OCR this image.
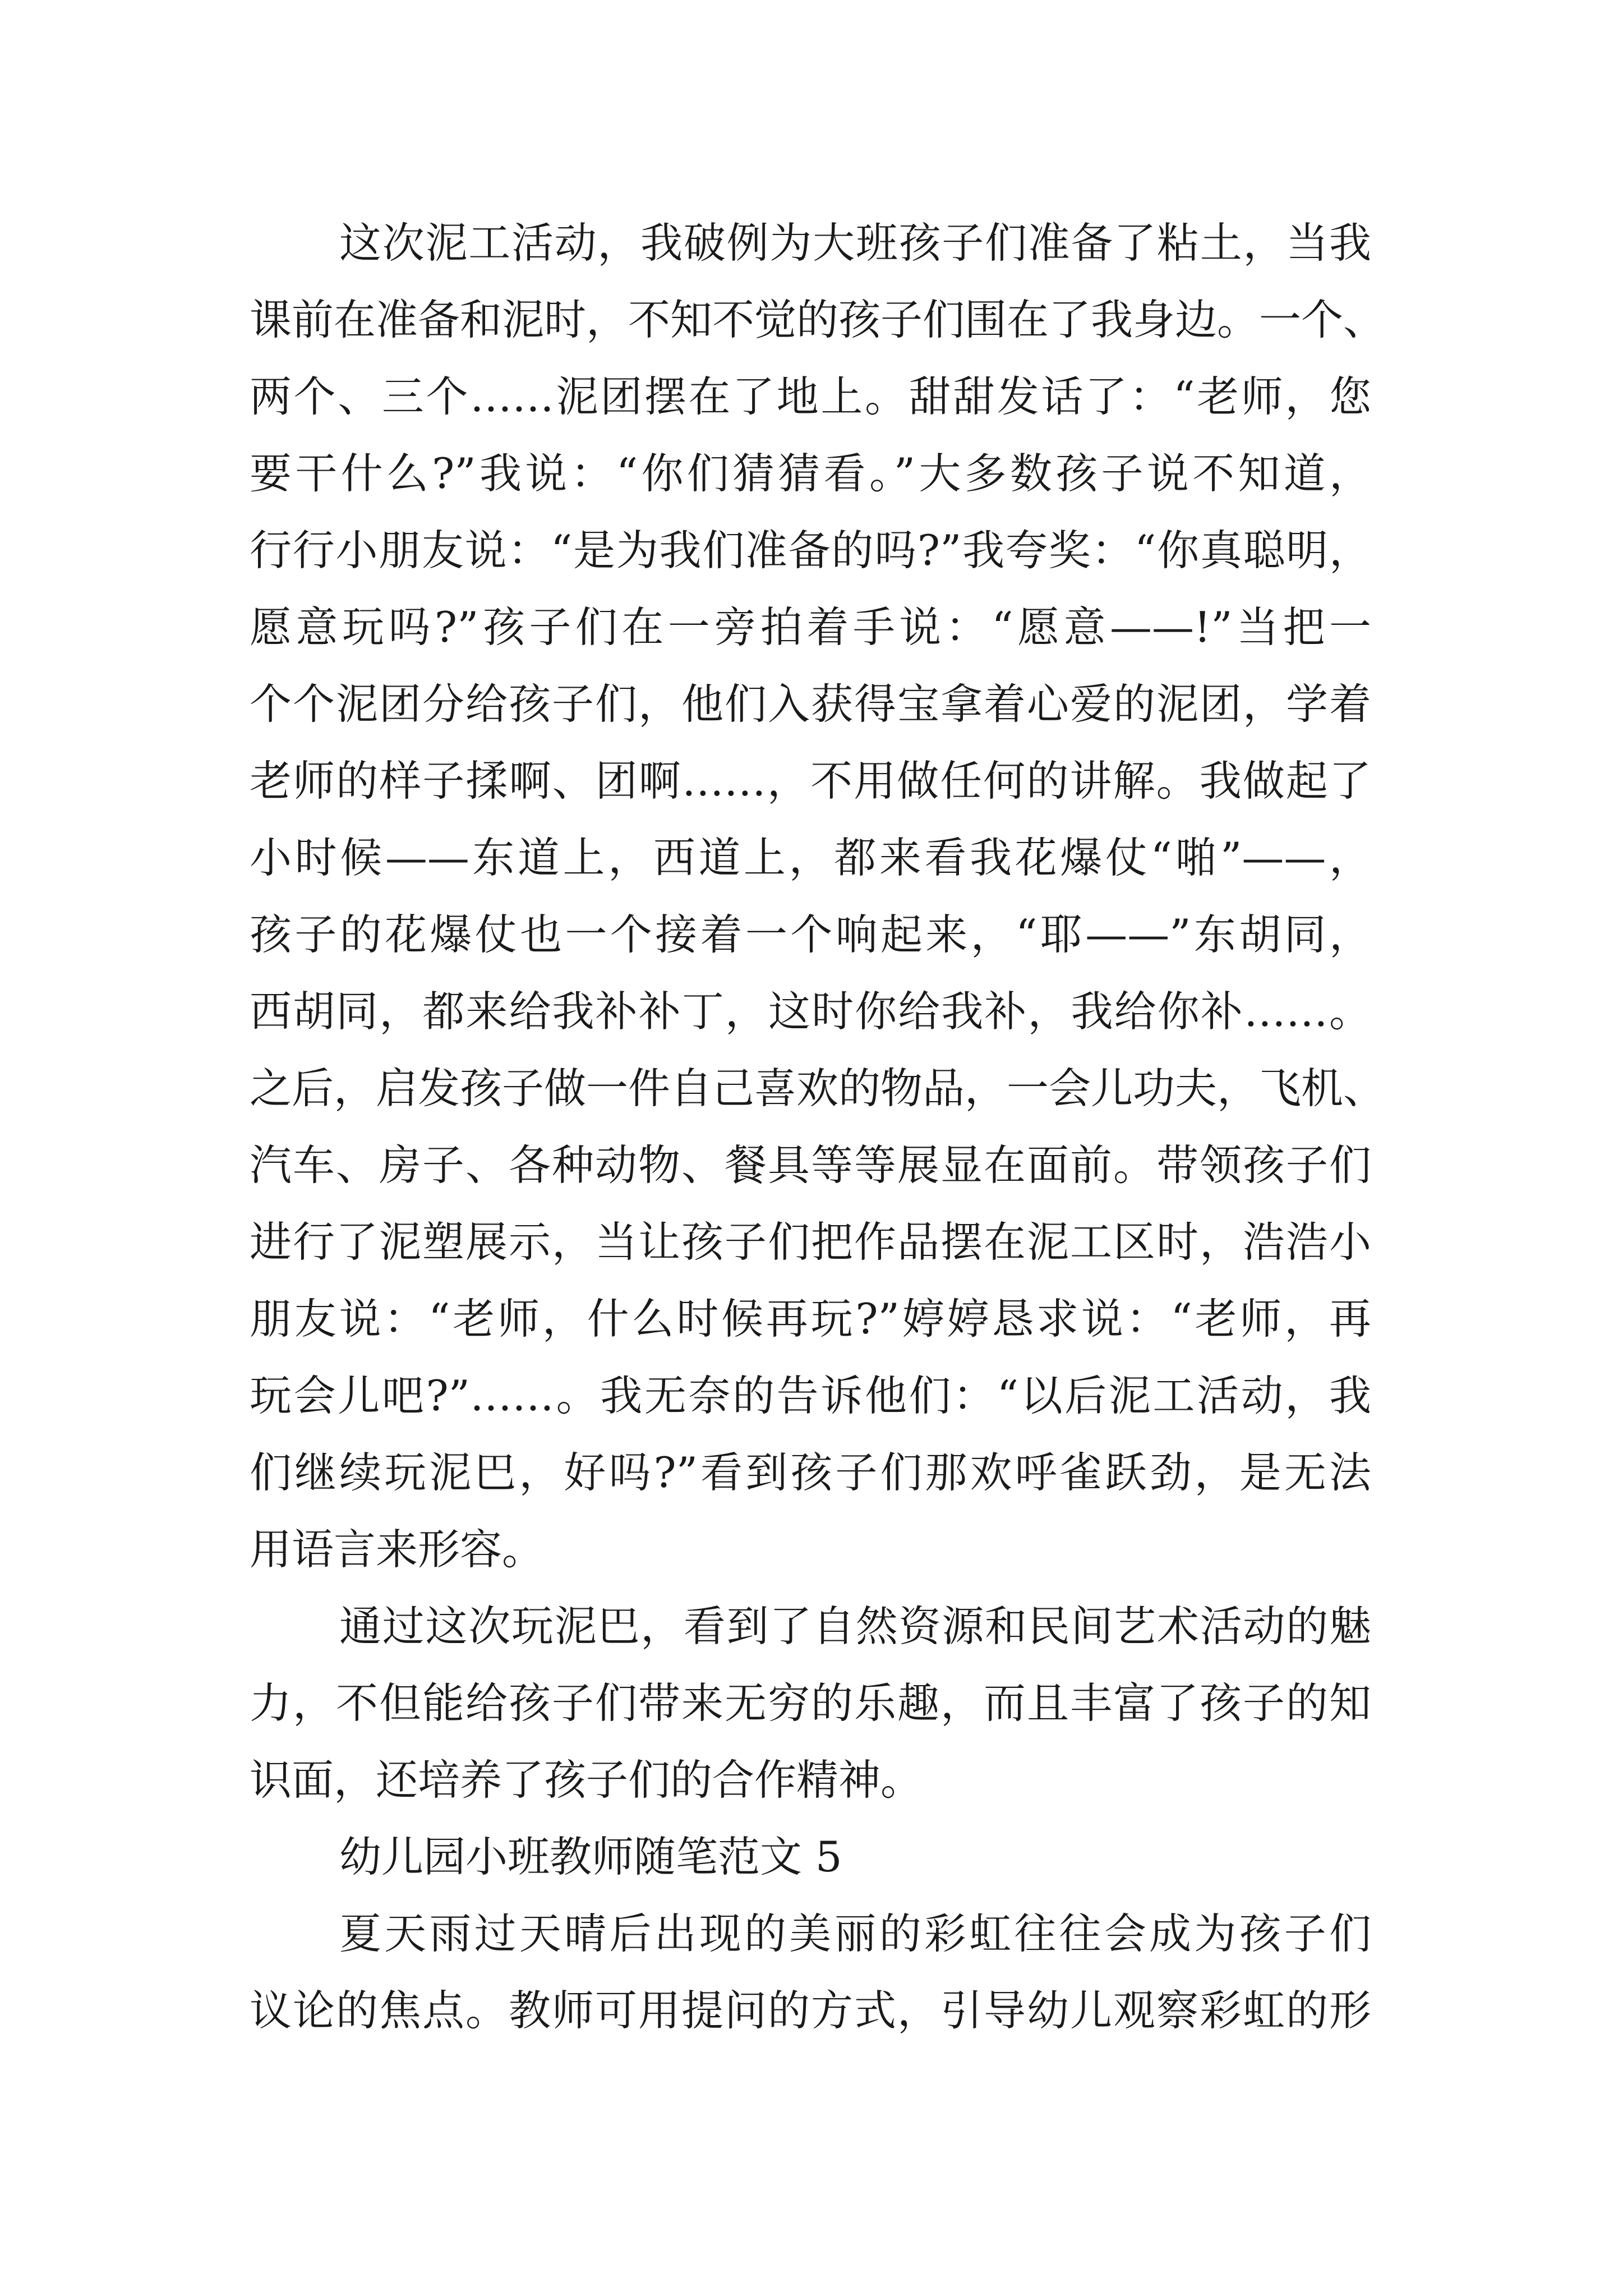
这次泥工活动，我破例为大班孩子们准备了粘土，当我
课前在准备和泥时，不知不觉的孩子们围在了我身边。一个、
两个、三个……泥团摆在了地上。甜甜发话了：“老师，您
要干什么?”我说：“你们猜猜看。”大多数孩子说不知道，
行行小朋友说：“是为我们准备的吗?”我夸奖：“你真聪明，
愿意玩吗?”孩子们在一旁拍着手说：“愿意——!”当把一
个个泥团分给孩子们，他们入获得宝拿着心爱的泥团，学着
老师的样子揉啊、团啊……，不用做任何的讲解。我做起了
小时候——东道上，西道上，都来看我花爆仗“啪”——，
孩子的花爆仗也一个接着一个响起来，“耶——”东胡同，
西胡同，都来给我补补丁，这时你给我补，我给你补……。
之后，启发孩子做一件自己喜欢的物品，一会儿功夫，飞机、
汽车、房子、各种动物、餐具等等展显在面前。带领孩子们
进行了泥塑展示，当让孩子们把作品摆在泥工区时，浩浩小
朋友说：“老师，什么时候再玩?”婷婷恳求说：“老师，再
玩会儿吧?”……。我无奈的告诉他们：“以后泥工活动，我
们继续玩泥巴，好吗?”看到孩子们那欢呼雀跃劲，是无法
用语言来形容。
通过这次玩泥巴，看到了自然资源和民间艺术活动的魅
力，不但能给孩子们带来无穷的乐趣，而且丰富了孩子的知
识面，还培养了孩子们的合作精神。
幼儿园小班教师随笔范文 5
夏天雨过天晴后出现的美丽的彩虹往往会成为孩子们
议论的焦点。教师可用提问的方式，引导幼儿观察彩虹的形
